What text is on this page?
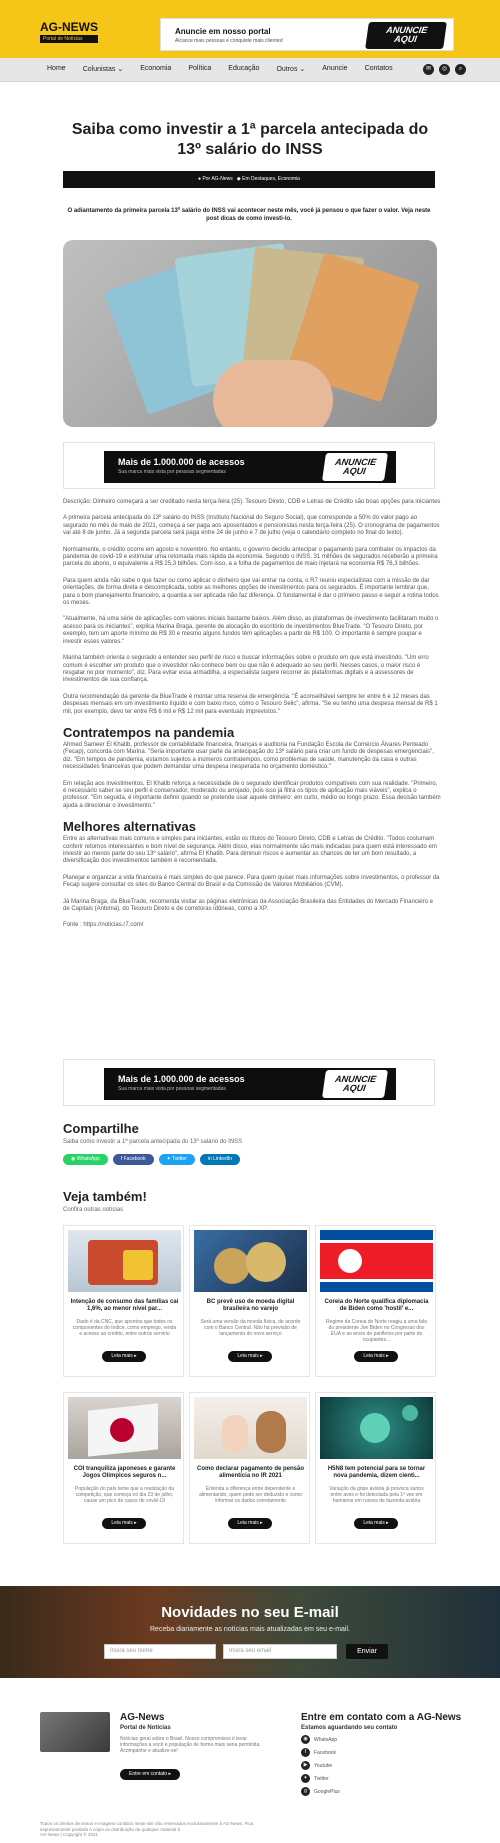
AG-NEWS
Portal de Notícias
Anuncie em nosso portal
Alcance mais pessoas e conquiste mais clientes!
ANUNCIE
AQUI
Home Colunistas ⌄ Economia Política Educação Outros ⌄ Anuncie Contatos	✉	◎	⌕
Saiba como investir a 1ª parcela antecipada do 13º salário do INSS
● Por AG-News ◆ Em Destaques, Economia
O adiantamento da primeira parcela 13º salário do INSS vai acontecer neste mês, você já pensou o que fazer o valor. Veja neste post dicas de como investi-lo.
Mais de 1.000.000 de acessos
Sua marca mais vista por pessoas segmentadas
ANUNCIE
AQUI

Descrição: Dinheiro começará a ser creditado nesta terça-feira (25). Tesouro Direto, CDB e Letras de Crédito são boas opções para iniciantes

A primeira parcela antecipada do 13º salário do INSS (Instituto Nacional do Seguro Social), que corresponde a 50% do valor pago ao segurado no mês de maio de 2021, começa a ser paga aos aposentados e pensionistas nesta terça-feira (25). O cronograma de pagamentos vai até 8 de junho. Já a segunda parcela será paga entre 24 de junho e 7 de julho (veja o calendário completo no final do texto).

Normalmente, o crédito ocorre em agosto e novembro. No entanto, o governo decidiu antecipar o pagamento para combater os impactos da pandemia de covid-19 e estimular uma retomada mais rápida da economia. Segundo o INSS, 31 milhões de segurados receberão a primeira parcela do abono, o equivalente a R$ 25,3 bilhões. Com isso, a a folha de pagamentos de maio injetará na economia R$ 76,3 bilhões.

Para quem ainda não sabe o que fazer ou como aplicar o dinheiro que vai entrar na conta, o R7 reuniu especialistas com a missão de dar orientações, de forma direta e descomplicada, sobre as melhores opções de investimentos para os segurados. É importante lembrar que, para o bom planejamento financeiro, a quantia a ser aplicada não faz diferença. O fundamental é dar o primeiro passo e seguir a rotina todos os meses.

"Atualmente, há uma série de aplicações com valores iniciais bastante baixos. Além disso, as plataformas de investimento facilitaram muito o acesso para os iniciantes", explica Marina Braga, gerente de alocação do escritório de investimentos BlueTrade. "O Tesouro Direto, por exemplo, tem um aporte mínimo de R$ 30 e mesmo alguns fundos têm aplicações a partir de R$ 100. O importante é sempre poupar e investir esses valores."

Marina também orienta o segurado a entender seu perfil de risco e buscar informações sobre o produto em que está investindo. "Um erro comum é escolher um produto que o investidor não conhece bem ou que não é adequado ao seu perfil. Nesses casos, o maior risco é resgatar no pior momento", diz. Para evitar essa armadilha, a especialista sugere recorrer às plataformas digitais e a assessores de investimentos de sua confiança.

Outra recomendação da gerente da BlueTrade é montar uma reserva de emergência. "É aconselhável sempre ter entre 6 e 12 meses das despesas mensais em um investimento líquido e com baixo risco, como o Tesouro Selic", afirma. "Se eu tenho uma despesa mensal de R$ 1 mil, por exemplo, devo ter entre R$ 6 mil e R$ 12 mil para eventuais imprevistos."

Contratempos na pandemia

Ahmed Sameer El Khatib, professor de contabilidade financeira, finanças e auditoria na Fundação Escola de Comércio Álvares Penteado (Fecap), concorda com Marina. "Seria importante usar parte da antecipação do 13º salário para criar um fundo de despesas emergenciais", diz. "Em tempos de pandemia, estamos sujeitos a inúmeros contratempos, como problemas de saúde, manutenção da casa e outras necessidades financeiras que podem demandar uma despesa inesperada no orçamento doméstico."

Em relação aos investimentos, El Khatib reforça a necessidade de o segurado identificar produtos compatíveis com sua realidade. "Primeiro, é necessário saber se seu perfil é conservador, moderado ou arrojado, pois isso já filtra os tipos de aplicação mais viáveis", explica o professor. "Em seguida, é importante definir quando se pretende usar aquele dinheiro: em curto, médio ou longo prazo. Essa decisão também ajuda a direcionar o investimento."

Melhores alternativas

Entre as alternativas mais comuns e simples para iniciantes, estão os títulos do Tesouro Direto, CDB e Letras de Crédito. "Todos costumam conferir retornos interessantes e bom nível de segurança. Além disso, elas normalmente são mais indicadas para quem está interessado em investir ao menos parte do seu 13º salário", afirma El Khatib. Para diminuir riscos e aumentar as chances de ter um bom resultado, a diversificação dos investimentos também é recomendada.

Planejar e organizar a vida financeira é mais simples do que parece. Para quem quiser mais informações sobre investimentos, o professor da Fecap sugere consultar os sites do Banco Central do Brasil e da Comissão de Valores Mobiliários (CVM).

Já Marina Braga, da BlueTrade, recomenda visitar as páginas eletrônicas da Associação Brasileira das Entidades do Mercado Financeiro e de Capitais (Anbima), do Tesouro Direto e de corretoras idôneas, como a XP.

Fonte : https://noticias.r7.com/

Mais de 1.000.000 de acessos
Sua marca mais vista por pessoas segmentadas
ANUNCIE
AQUI
Compartilhe
Saiba como investir a 1ª parcela antecipada do 13º salário do INSS
◉ WhatsApp	f Facebook	✦ Twitter	in LinkedIn
Veja também!
Confira outras notícias
Intenção de consumo das famílias cai 1,6%, ao menor nível par...
Dado é da CNC, que apontou que todos os componentes do índice, como emprego, renda e acesso ao crédito, entre outros servirio
Leia mais ▸
BC prevê uso de moeda digital brasileira no varejo
Será uma versão da moeda física, de acordo com o Banco Central. Não há previsão de lançamento do novo serviço
Leia mais ▸
Coreia do Norte qualifica diplomacia de Biden como 'hostil' e...
Regime da Coreia do Norte reagiu a uma fala do presidente Joe Biden no Congresso dos EUA e ao envio de panfletos por parte de ocupantes...
Leia mais ▸
COI tranquiliza japoneses e garante Jogos Olímpicos seguros n...
População do país teme que a realização da competição, que começa no dia 23 de julho, cause um pico de casos de covid-19
Leia mais ▸
Como declarar pagamento de pensão alimentícia no IR 2021
Entenda a diferença entre dependente e alimentando, quem pode ser deduzido e como informar os dados corretamente
Leia mais ▸
H5N8 tem potencial para se tornar nova pandemia, dizem cienti...
Variação da gripe aviária já provoca surtos entre aves e foi detectada pela 1ª vez em humanos em russos de fazenda aviária
Leia mais ▸
Novidades no seu E-mail
Receba diariamente as notícias mais atualizadas em seu e-mail.
Insira seu nome	Insira seu email	Enviar
AG-News
Portal de Notícias
Notícias geral sobre o Brasil. Nosso compromisso é levar informações a você e população de forma mais sena permitida. Acompanhe e atualize-se!
Entre em contato ▸
Entre em contato com a AG-News
Estamos aguardando seu contato
◉	WhatsApp
f	Facebook
▶	Youtube
✦	Twitter
g	GooglePlus
Todos os direitos de textos e imagens contidos neste site são reservados exclusivamente à AG-News. Fica expressamente proibida a cópia ou distribuição de qualquer material à
AG-News | Copyright © 2021
